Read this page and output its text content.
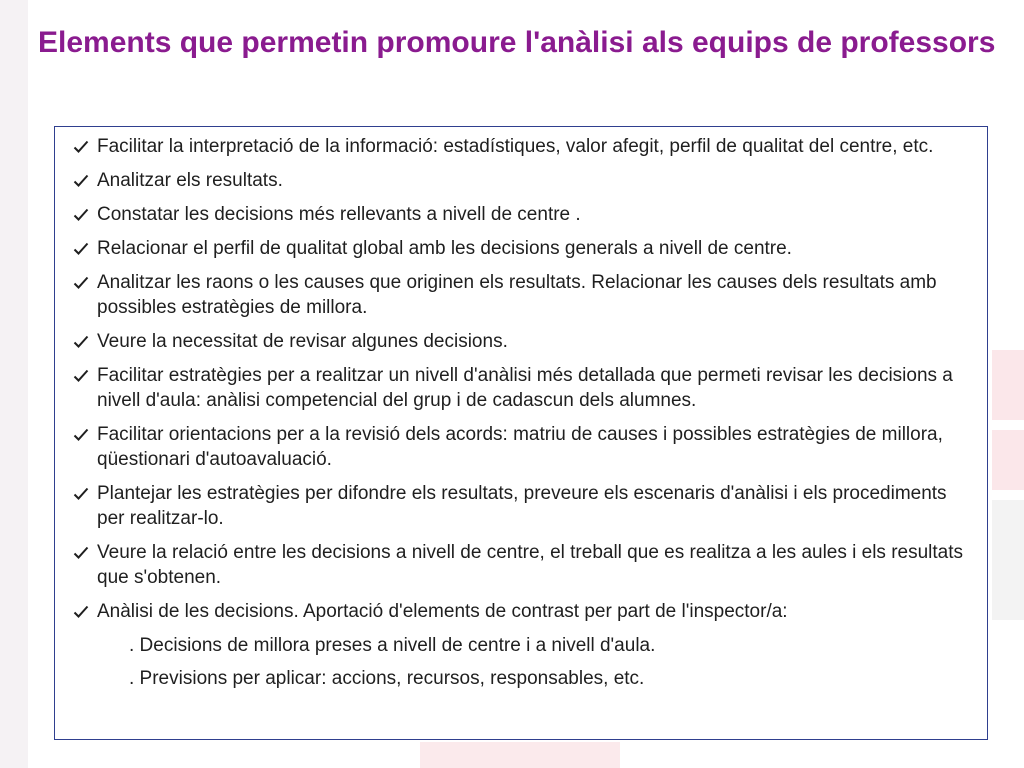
Elements que permetin promoure l'anàlisi als equips de professors
Facilitar la interpretació de la informació: estadístiques, valor afegit, perfil de qualitat del centre, etc.
Analitzar els resultats.
Constatar les decisions més rellevants a nivell de centre .
Relacionar el perfil de qualitat global amb les decisions generals a nivell de centre.
Analitzar les raons o les causes que originen els resultats. Relacionar les causes dels resultats amb possibles estratègies de millora.
Veure la necessitat de revisar algunes decisions.
Facilitar estratègies per a realitzar un nivell d'anàlisi més detallada que permeti revisar les decisions a nivell d'aula: anàlisi competencial del grup i de cadascun dels alumnes.
Facilitar orientacions per a la revisió dels acords: matriu de causes i possibles estratègies de millora, qüestionari d'autoavaluació.
Plantejar les estratègies per difondre els resultats, preveure els escenaris d'anàlisi i els procediments per realitzar-lo.
Veure la relació entre les decisions a nivell de centre, el treball que es realitza a les aules i els resultats que s'obtenen.
Anàlisi de les decisions. Aportació d'elements de contrast per part de l'inspector/a:
. Decisions de millora preses a nivell de centre i a nivell d'aula.
. Previsions per aplicar: accions, recursos, responsables, etc.
